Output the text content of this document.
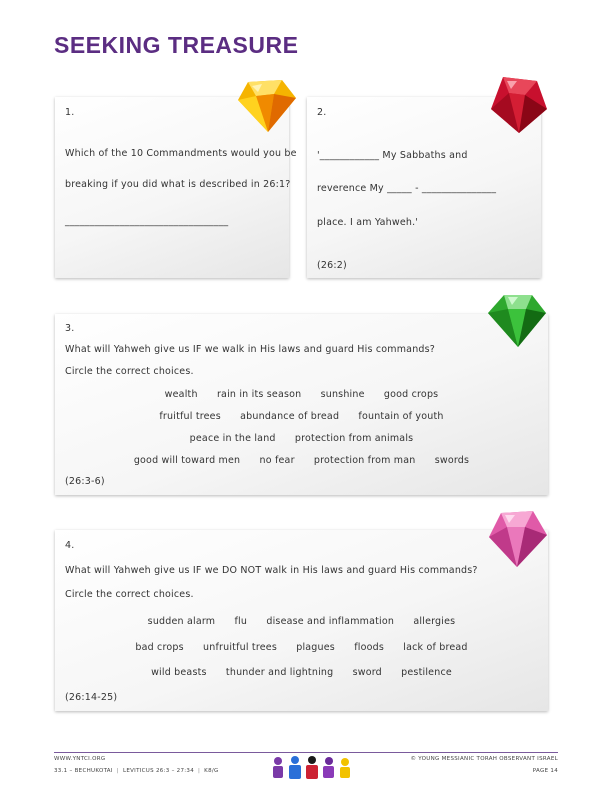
SEEKING TREASURE
1.
Which of the 10 Commandments would you be
breaking if you did what is described in 26:1?
_________________________________
2.
'____________ My Sabbaths and
reverence My _____ - _______________
place. I am Yahweh.'
(26:2)
3.
What will Yahweh give us IF we walk in His laws and guard His commands?
Circle the correct choices.
wealth rain in its season sunshine good crops
fruitful trees abundance of bread fountain of youth
peace in the land protection from animals
good will toward men no fear protection from man swords
(26:3-6)
4.
What will Yahweh give us IF we DO NOT walk in His laws and guard His commands?
Circle the correct choices.
sudden alarm flu disease and inflammation allergies
bad crops unfruitful trees plagues floods lack of bread
wild beasts thunder and lightning sword pestilence
(26:14-25)
WWW.YNTCI.ORG
33.1 – BECHUKOTAI | LEVITICUS 26:3 – 27:34 | K8/G
© YOUNG MESSIANIC TORAH OBSERVANT ISRAEL
PAGE 14
